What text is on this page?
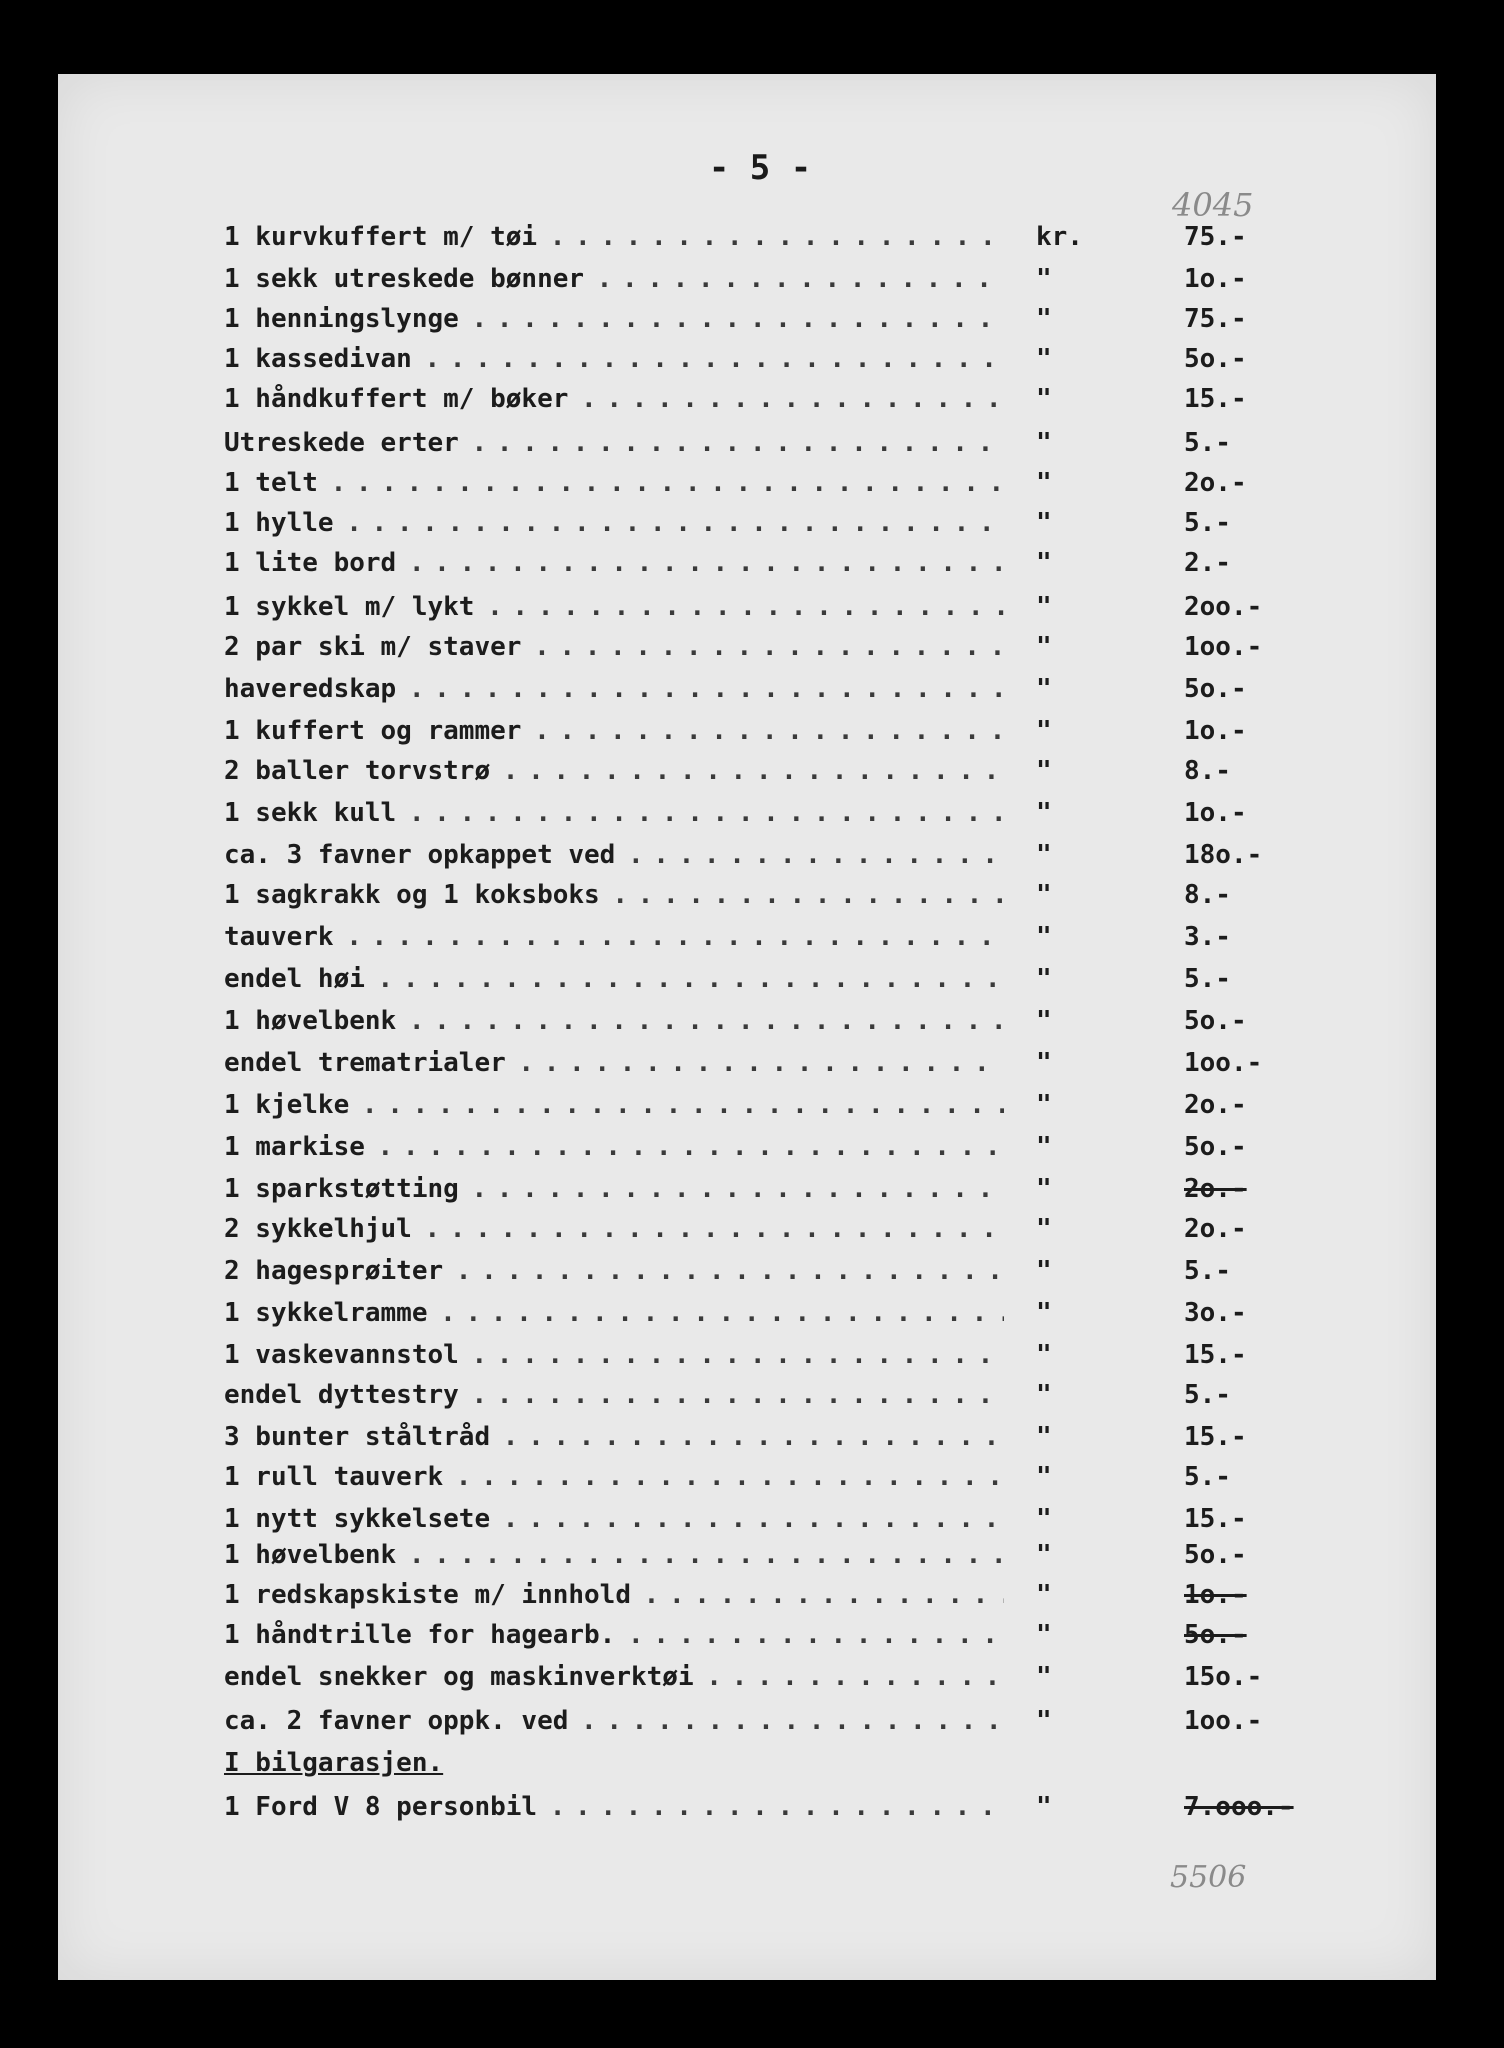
- 5 -
4045
1 kurvkuffert m/ tøi . . .	kr.	75.-
1 sekk utreskede bønner . . .	"	1o.-
1 henningslynge . . .	"	75.-
1 kassedivan . . .	"	5o.-
1 håndkuffert m/ bøker . . .	"	15.-
Utreskede erter . . .	"	5.-
1 telt . . .	"	2o.-
1 hylle . . .	"	5.-
1 lite bord . . .	"	2.-
1 sykkel m/ lykt . . .	"	2oo.-
2 par ski m/ staver . . .	"	1oo.-
haveredskap . . .	"	5o.-
1 kuffert og rammer . . .	"	1o.-
2 baller torvstrø . . .	"	8.-
1 sekk kull . . .	"	1o.-
ca. 3 favner opkappet ved . . .	"	18o.-
1 sagkrakk og 1 koksboks . . .	"	8.-
tauverk . . .	"	3.-
endel høi . . .	"	5.-
1 høvelbenk . . .	"	5o.-
endel trematrialer . . .	"	1oo.-
1 kjelke . . .	"	2o.-
1 markise . . .	"	5o.-
1 sparkstøtting . . .	"	2o.-
2 sykkelhjul . . .	"	2o.-
2 hagesprøiter . . .	"	5.-
1 sykkelramme . . .	"	3o.-
1 vaskevannstol . . .	"	15.-
endel dyttestry . . .	"	5.-
3 bunter ståltråd . . .	"	15.-
1 rull tauverk . . .	"	5.-
1 nytt sykkelsete . . .	"	15.-
1 høvelbenk . . .	"	5o.-
1 redskapskiste m/ innhold . . .	"	1o.-
1 håndtrille for hagearb. . . .	"	5o.-
endel snekker og maskinverktøi . . .	"	15o.-
ca. 2 favner oppk. ved . . .	"	1oo.-
1 Ford V 8 personbil . . .	"	7.ooo.-
I bilgarasjen.
5506
